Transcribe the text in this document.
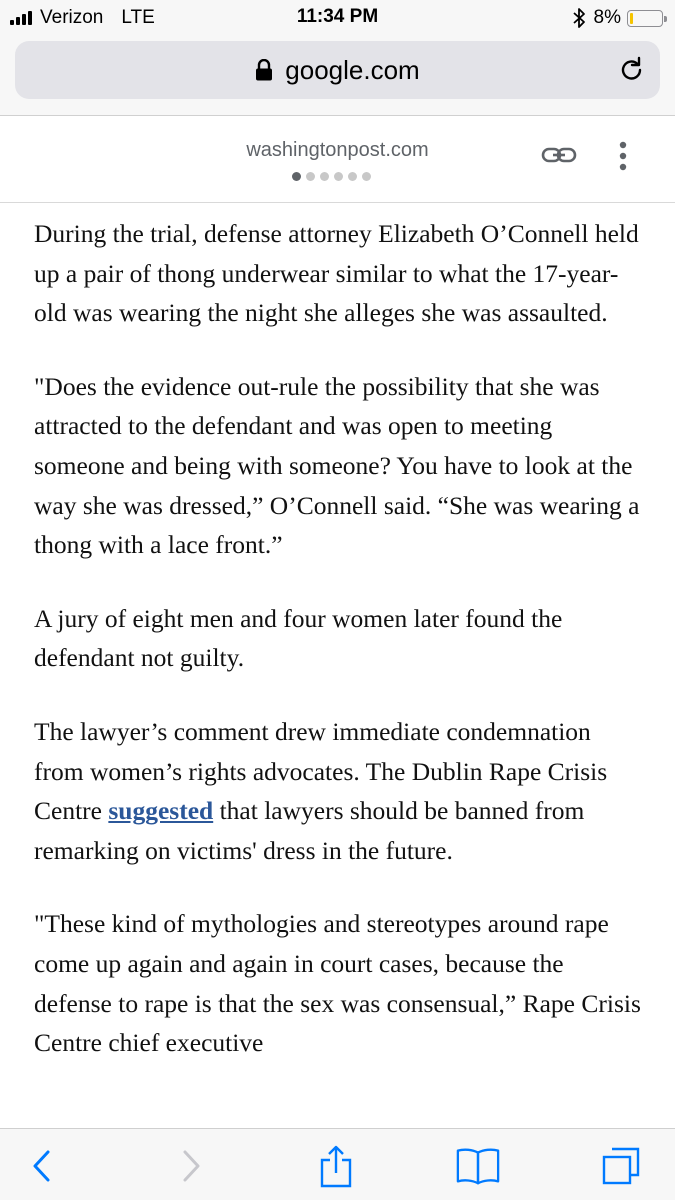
Verizon LTE	11:34 PM	8%
google.com
washingtonpost.com

During the trial, defense attorney Elizabeth O’Connell held up a pair of thong underwear similar to what the 17-year-old was wearing the night she alleges she was assaulted.

"Does the evidence out-rule the possibility that she was attracted to the defendant and was open to meeting someone and being with someone? You have to look at the way she was dressed,” O’Connell said. “She was wearing a thong with a lace front.”

A jury of eight men and four women later found the defendant not guilty.

The lawyer’s comment drew immediate condemnation from women’s rights advocates. The Dublin Rape Crisis Centre suggested that lawyers should be banned from remarking on victims' dress in the future.

"These kind of mythologies and stereotypes around rape come up again and again in court cases, because the defense to rape is that the sex was consensual,” Rape Crisis Centre chief executive
